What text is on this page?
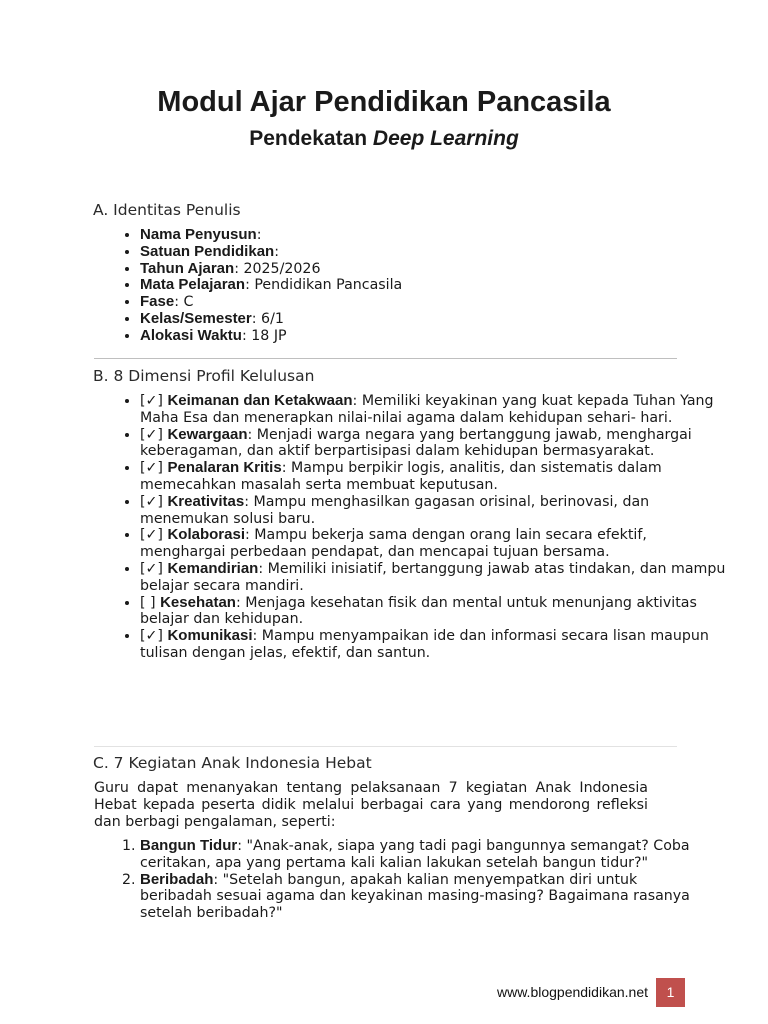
Modul Ajar Pendidikan Pancasila
Pendekatan Deep Learning
A. Identitas Penulis
• Nama Penyusun:
• Satuan Pendidikan:
• Tahun Ajaran: 2025/2026
• Mata Pelajaran: Pendidikan Pancasila
• Fase: C
• Kelas/Semester: 6/1
• Alokasi Waktu: 18 JP
B. 8 Dimensi Profil Kelulusan
• [✓] Keimanan dan Ketakwaan: Memiliki keyakinan yang kuat kepada Tuhan Yang Maha Esa dan menerapkan nilai-nilai agama dalam kehidupan sehari- hari.
• [✓] Kewargaan: Menjadi warga negara yang bertanggung jawab, menghargai keberagaman, dan aktif berpartisipasi dalam kehidupan bermasyarakat.
• [✓] Penalaran Kritis: Mampu berpikir logis, analitis, dan sistematis dalam memecahkan masalah serta membuat keputusan.
• [✓] Kreativitas: Mampu menghasilkan gagasan orisinal, berinovasi, dan menemukan solusi baru.
• [✓] Kolaborasi: Mampu bekerja sama dengan orang lain secara efektif, menghargai perbedaan pendapat, dan mencapai tujuan bersama.
• [✓] Kemandirian: Memiliki inisiatif, bertanggung jawab atas tindakan, dan mampu belajar secara mandiri.
• [ ] Kesehatan: Menjaga kesehatan fisik dan mental untuk menunjang aktivitas belajar dan kehidupan.
• [✓] Komunikasi: Mampu menyampaikan ide dan informasi secara lisan maupun tulisan dengan jelas, efektif, dan santun.
C. 7 Kegiatan Anak Indonesia Hebat

Guru dapat menanyakan tentang pelaksanaan 7 kegiatan Anak Indonesia Hebat kepada peserta didik melalui berbagai cara yang mendorong refleksi dan berbagi pengalaman, seperti:

1. Bangun Tidur: "Anak-anak, siapa yang tadi pagi bangunnya semangat? Coba ceritakan, apa yang pertama kali kalian lakukan setelah bangun tidur?"
2. Beribadah: "Setelah bangun, apakah kalian menyempatkan diri untuk beribadah sesuai agama dan keyakinan masing-masing? Bagaimana rasanya setelah beribadah?"
www.blogpendidikan.net	1
